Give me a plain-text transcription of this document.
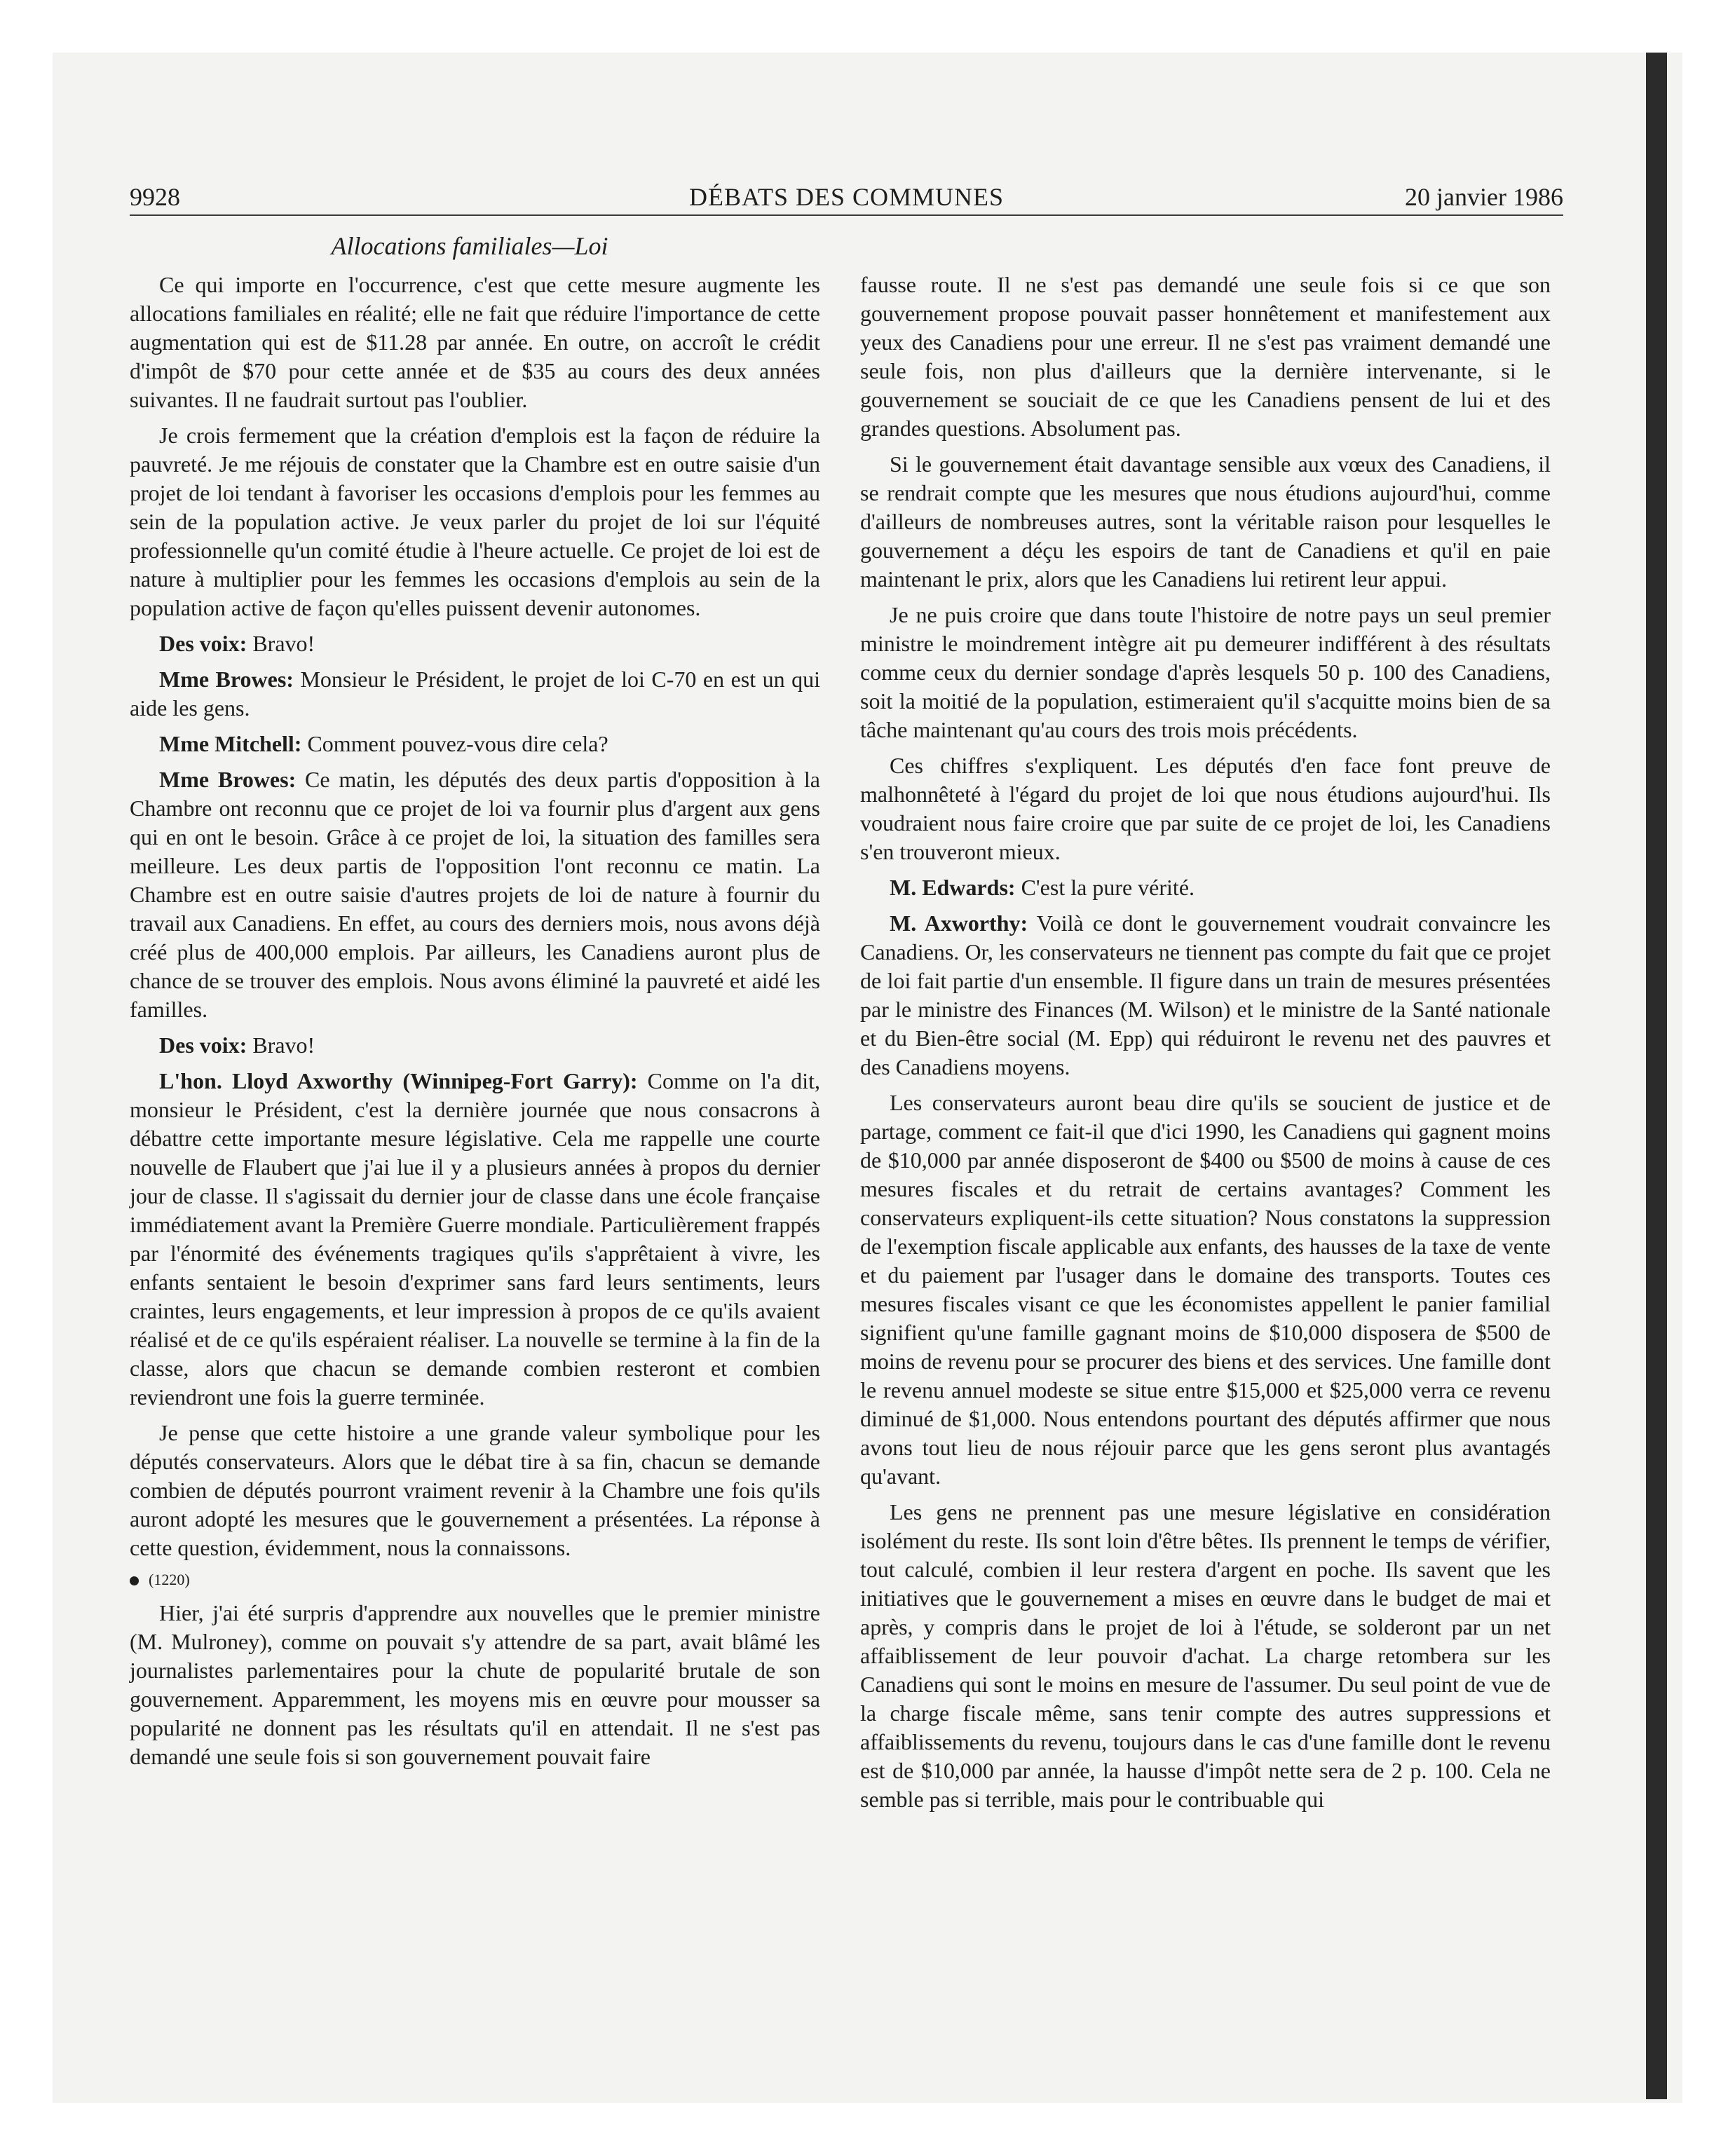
9928	DÉBATS DES COMMUNES	20 janvier 1986
Allocations familiales—Loi

Ce qui importe en l'occurrence, c'est que cette mesure augmente les allocations familiales en réalité; elle ne fait que réduire l'importance de cette augmentation qui est de $11.28 par année. En outre, on accroît le crédit d'impôt de $70 pour cette année et de $35 au cours des deux années suivantes. Il ne faudrait surtout pas l'oublier.

Je crois fermement que la création d'emplois est la façon de réduire la pauvreté. Je me réjouis de constater que la Chambre est en outre saisie d'un projet de loi tendant à favoriser les occasions d'emplois pour les femmes au sein de la population active. Je veux parler du projet de loi sur l'équité professionnelle qu'un comité étudie à l'heure actuelle. Ce projet de loi est de nature à multiplier pour les femmes les occasions d'emplois au sein de la population active de façon qu'elles puissent devenir autonomes.

Des voix: Bravo!

Mme Browes: Monsieur le Président, le projet de loi C-70 en est un qui aide les gens.

Mme Mitchell: Comment pouvez-vous dire cela?

Mme Browes: Ce matin, les députés des deux partis d'opposition à la Chambre ont reconnu que ce projet de loi va fournir plus d'argent aux gens qui en ont le besoin. Grâce à ce projet de loi, la situation des familles sera meilleure. Les deux partis de l'opposition l'ont reconnu ce matin. La Chambre est en outre saisie d'autres projets de loi de nature à fournir du travail aux Canadiens. En effet, au cours des derniers mois, nous avons déjà créé plus de 400,000 emplois. Par ailleurs, les Canadiens auront plus de chance de se trouver des emplois. Nous avons éliminé la pauvreté et aidé les familles.

Des voix: Bravo!

L'hon. Lloyd Axworthy (Winnipeg-Fort Garry): Comme on l'a dit, monsieur le Président, c'est la dernière journée que nous consacrons à débattre cette importante mesure législative. Cela me rappelle une courte nouvelle de Flaubert que j'ai lue il y a plusieurs années à propos du dernier jour de classe. Il s'agissait du dernier jour de classe dans une école française immédiatement avant la Première Guerre mondiale. Particulièrement frappés par l'énormité des événements tragiques qu'ils s'apprêtaient à vivre, les enfants sentaient le besoin d'exprimer sans fard leurs sentiments, leurs craintes, leurs engagements, et leur impression à propos de ce qu'ils avaient réalisé et de ce qu'ils espéraient réaliser. La nouvelle se termine à la fin de la classe, alors que chacun se demande combien resteront et combien reviendront une fois la guerre terminée.

Je pense que cette histoire a une grande valeur symbolique pour les députés conservateurs. Alors que le débat tire à sa fin, chacun se demande combien de députés pourront vraiment revenir à la Chambre une fois qu'ils auront adopté les mesures que le gouvernement a présentées. La réponse à cette question, évidemment, nous la connaissons.

(1220)

Hier, j'ai été surpris d'apprendre aux nouvelles que le premier ministre (M. Mulroney), comme on pouvait s'y attendre de sa part, avait blâmé les journalistes parlementaires pour la chute de popularité brutale de son gouvernement. Apparemment, les moyens mis en œuvre pour mousser sa popularité ne donnent pas les résultats qu'il en attendait. Il ne s'est pas demandé une seule fois si son gouvernement pouvait faire

fausse route. Il ne s'est pas demandé une seule fois si ce que son gouvernement propose pouvait passer honnêtement et manifestement aux yeux des Canadiens pour une erreur. Il ne s'est pas vraiment demandé une seule fois, non plus d'ailleurs que la dernière intervenante, si le gouvernement se souciait de ce que les Canadiens pensent de lui et des grandes questions. Absolument pas.

Si le gouvernement était davantage sensible aux vœux des Canadiens, il se rendrait compte que les mesures que nous étudions aujourd'hui, comme d'ailleurs de nombreuses autres, sont la véritable raison pour lesquelles le gouvernement a déçu les espoirs de tant de Canadiens et qu'il en paie maintenant le prix, alors que les Canadiens lui retirent leur appui.

Je ne puis croire que dans toute l'histoire de notre pays un seul premier ministre le moindrement intègre ait pu demeurer indifférent à des résultats comme ceux du dernier sondage d'après lesquels 50 p. 100 des Canadiens, soit la moitié de la population, estimeraient qu'il s'acquitte moins bien de sa tâche maintenant qu'au cours des trois mois précédents.

Ces chiffres s'expliquent. Les députés d'en face font preuve de malhonnêteté à l'égard du projet de loi que nous étudions aujourd'hui. Ils voudraient nous faire croire que par suite de ce projet de loi, les Canadiens s'en trouveront mieux.

M. Edwards: C'est la pure vérité.

M. Axworthy: Voilà ce dont le gouvernement voudrait convaincre les Canadiens. Or, les conservateurs ne tiennent pas compte du fait que ce projet de loi fait partie d'un ensemble. Il figure dans un train de mesures présentées par le ministre des Finances (M. Wilson) et le ministre de la Santé nationale et du Bien-être social (M. Epp) qui réduiront le revenu net des pauvres et des Canadiens moyens.

Les conservateurs auront beau dire qu'ils se soucient de justice et de partage, comment ce fait-il que d'ici 1990, les Canadiens qui gagnent moins de $10,000 par année disposeront de $400 ou $500 de moins à cause de ces mesures fiscales et du retrait de certains avantages? Comment les conservateurs expliquent-ils cette situation? Nous constatons la suppression de l'exemption fiscale applicable aux enfants, des hausses de la taxe de vente et du paiement par l'usager dans le domaine des transports. Toutes ces mesures fiscales visant ce que les économistes appellent le panier familial signifient qu'une famille gagnant moins de $10,000 disposera de $500 de moins de revenu pour se procurer des biens et des services. Une famille dont le revenu annuel modeste se situe entre $15,000 et $25,000 verra ce revenu diminué de $1,000. Nous entendons pourtant des députés affirmer que nous avons tout lieu de nous réjouir parce que les gens seront plus avantagés qu'avant.

Les gens ne prennent pas une mesure législative en considération isolément du reste. Ils sont loin d'être bêtes. Ils prennent le temps de vérifier, tout calculé, combien il leur restera d'argent en poche. Ils savent que les initiatives que le gouvernement a mises en œuvre dans le budget de mai et après, y compris dans le projet de loi à l'étude, se solderont par un net affaiblissement de leur pouvoir d'achat. La charge retombera sur les Canadiens qui sont le moins en mesure de l'assumer. Du seul point de vue de la charge fiscale même, sans tenir compte des autres suppressions et affaiblissements du revenu, toujours dans le cas d'une famille dont le revenu est de $10,000 par année, la hausse d'impôt nette sera de 2 p. 100. Cela ne semble pas si terrible, mais pour le contribuable qui
